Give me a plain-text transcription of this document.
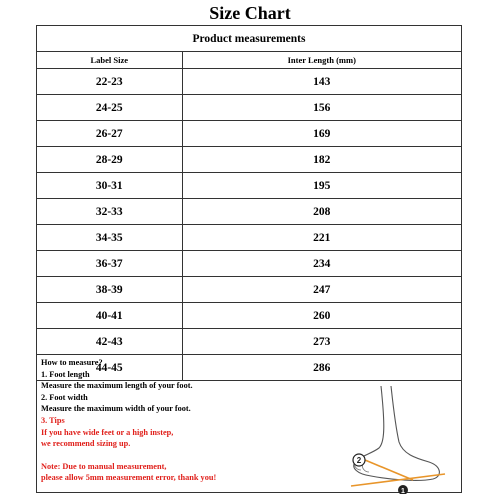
Size Chart
Product measurements
Label Size	Inter Length (mm)
22-23	143
24-25	156
26-27	169
28-29	182
30-31	195
32-33	208
34-35	221
36-37	234
38-39	247
40-41	260
42-43	273
44-45	286
How to measure?
1. Foot length
Measure the maximum length of your foot.
2. Foot width
Measure the maximum width of your foot.
3. Tips
If you have wide feet or a high instep,
we recommend sizing up.
Note: Due to manual measurement,
please allow 5mm measurement error, thank you!
2
1
